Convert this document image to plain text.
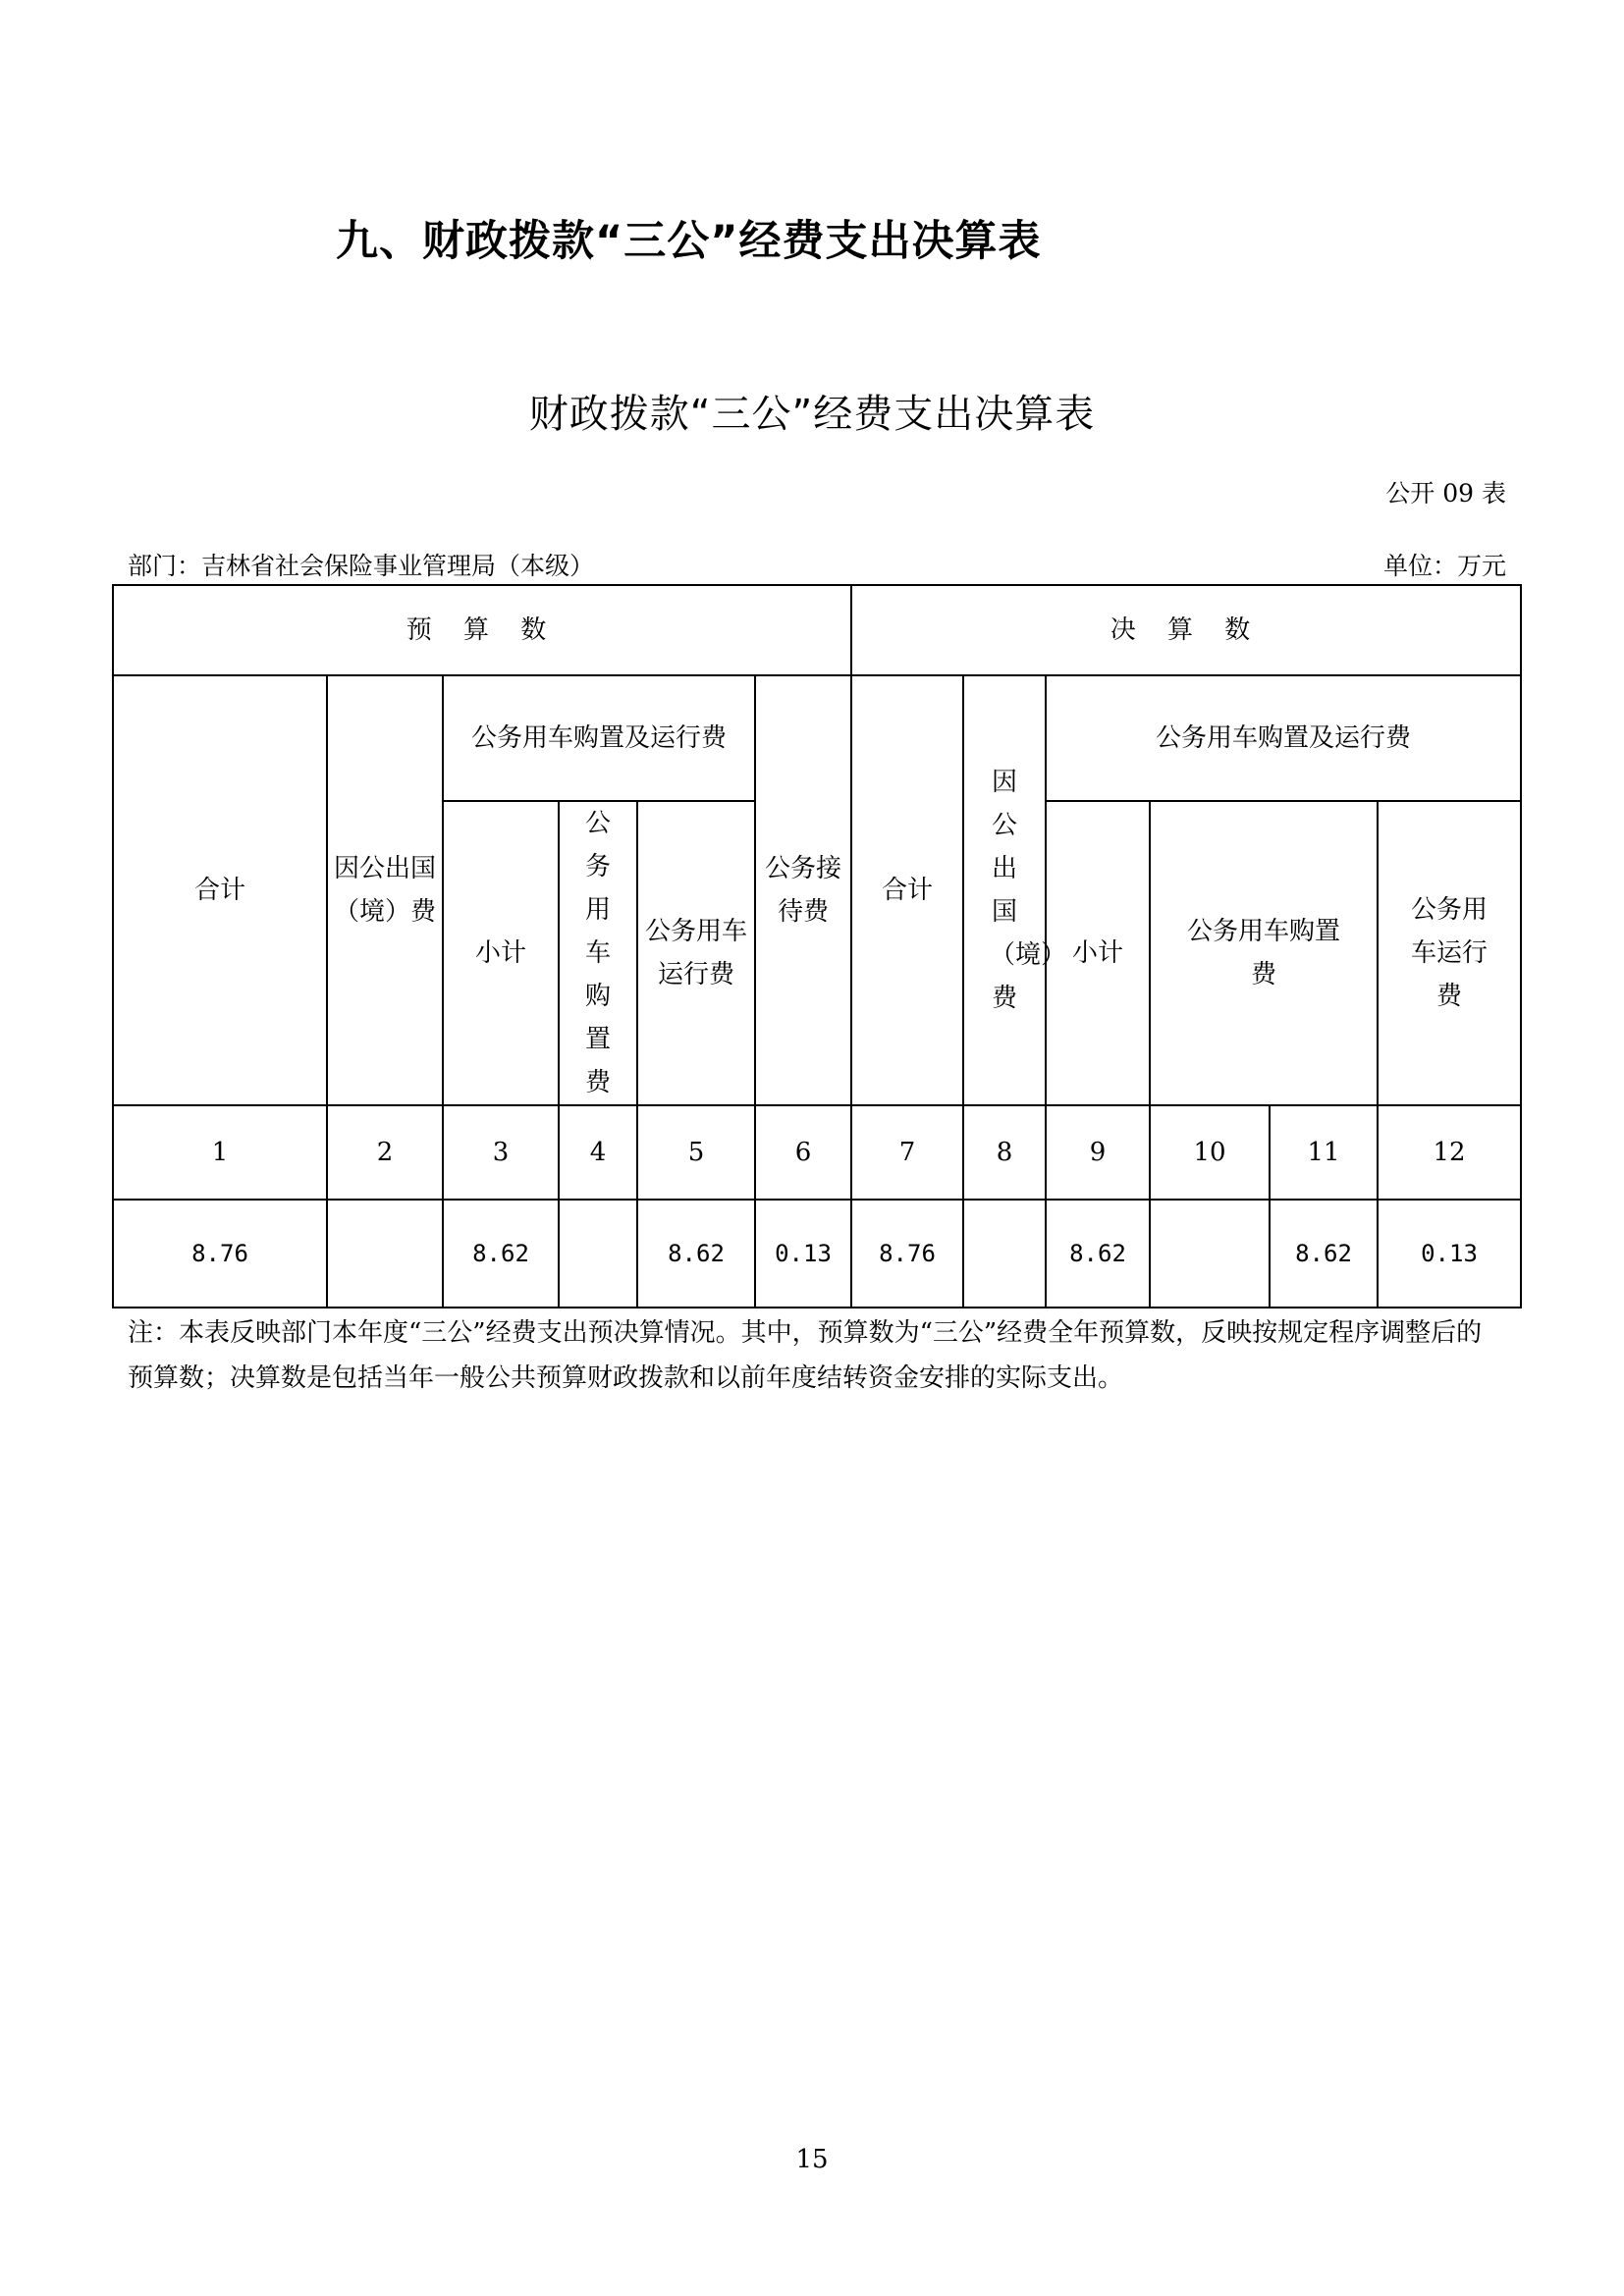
九、财政拨款“三公”经费支出决算表
财政拨款“三公”经费支出决算表
公开 09 表
部门：吉林省社会保险事业管理局（本级）	单位：万元
预 算 数						决 算 数						
合计	因公出国（境）费	公务用车购置及运行费			公务接待费	合计	因公出国（境）费	公务用车购置及运行费	
		小计	公务用车购置费	公务用车运行费				小计	公务用车购置费		公务用车运行费	
1	2	3	4	5	6	7	8	9	10	11	12	
8.76		8.62		8.62	0.13	8.76		8.62		8.62	0.13	
注：本表反映部门本年度“三公”经费支出预决算情况。其中，预算数为“三公”经费全年预算数，反映按规定程序调整后的预算数；决算数是包括当年一般公共预算财政拨款和以前年度结转资金安排的实际支出。
15
